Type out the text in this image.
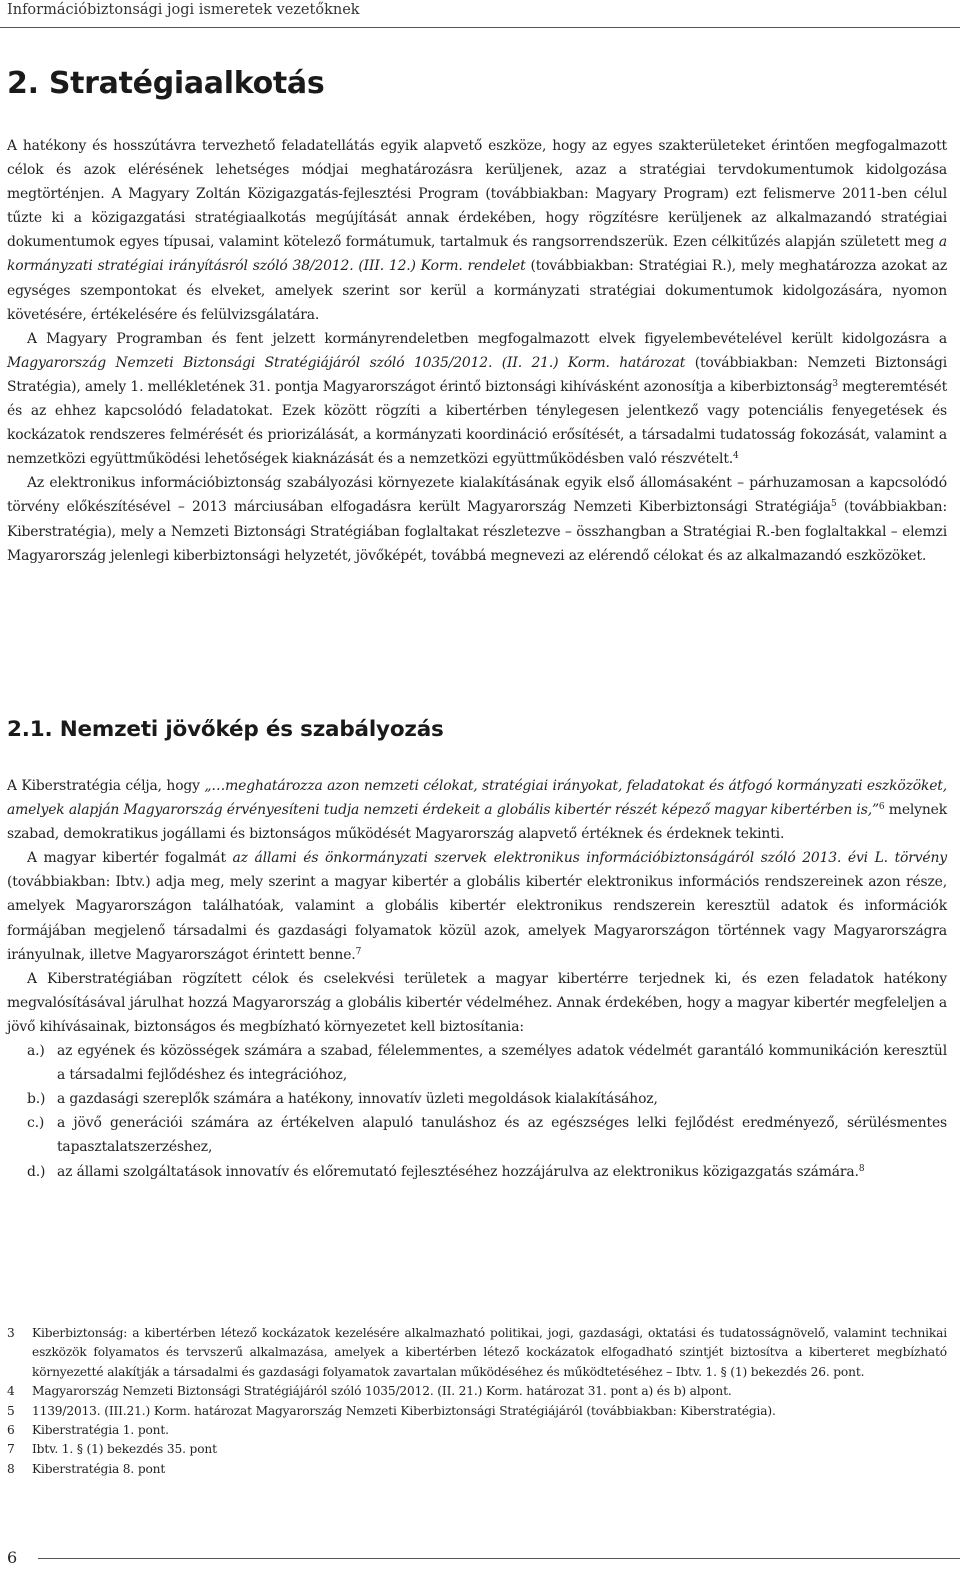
Információbiztonsági jogi ismeretek vezetőknek
2. Stratégiaalkotás

A hatékony és hosszútávra tervezhető feladatellátás egyik alapvető eszköze, hogy az egyes szakterületeket érintően megfogalmazott célok és azok elérésének lehetséges módjai meghatározásra kerüljenek, azaz a stratégiai tervdokumentumok kidolgozása megtörténjen. A Magyary Zoltán Közigazgatás-fejlesztési Program (továbbiakban: Magyary Program) ezt felismerve 2011-ben célul tűzte ki a közigazgatási stratégiaalkotás megújítását annak érdekében, hogy rögzítésre kerüljenek az alkalmazandó stratégiai dokumentumok egyes típusai, valamint kötelező formátumuk, tartalmuk és rangsorrendszerük. Ezen célkitűzés alapján született meg a kormányzati stratégiai irányításról szóló 38/2012. (III. 12.) Korm. rendelet (továbbiakban: Stratégiai R.), mely meghatározza azokat az egységes szempontokat és elveket, amelyek szerint sor kerül a kormányzati stratégiai dokumentumok kidolgozására, nyomon követésére, értékelésére és felülvizsgálatára.

A Magyary Programban és fent jelzett kormányrendeletben megfogalmazott elvek figyelembevételével került kidolgozásra a Magyarország Nemzeti Biztonsági Stratégiájáról szóló 1035/2012. (II. 21.) Korm. határozat (továbbiakban: Nemzeti Biztonsági Stratégia), amely 1. mellékletének 31. pontja Magyarországot érintő biztonsági kihívásként azonosítja a kiberbiztonság$^3$ megteremtését és az ehhez kapcsolódó feladatokat. Ezek között rögzíti a kibertérben ténylegesen jelentkező vagy potenciális fenyegetések és kockázatok rendszeres felmérését és priorizálását, a kormányzati koordináció erősítését, a társadalmi tudatosság fokozását, valamint a nemzetközi együttműködési lehetőségek kiaknázását és a nemzetközi együttműködésben való részvételt.$^4$

Az elektronikus információbiztonság szabályozási környezete kialakításának egyik első állomásaként – párhuzamosan a kapcsolódó törvény előkészítésével – 2013 márciusában elfogadásra került Magyarország Nemzeti Kiberbiztonsági Stratégiája$^5$ (továbbiakban: Kiberstratégia), mely a Nemzeti Biztonsági Stratégiában foglaltakat részletezve – összhangban a Stratégiai R.-ben foglaltakkal – elemzi Magyarország jelenlegi kiberbiztonsági helyzetét, jövőképét, továbbá megnevezi az elérendő célokat és az alkalmazandó eszközöket.

2.1. Nemzeti jövőkép és szabályozás

A Kiberstratégia célja, hogy „…meghatározza azon nemzeti célokat, stratégiai irányokat, feladatokat és átfogó kormányzati eszközöket, amelyek alapján Magyarország érvényesíteni tudja nemzeti érdekeit a globális kibertér részét képező magyar kibertérben is,”$^6$ melynek szabad, demokratikus jogállami és biztonságos működését Magyarország alapvető értéknek és érdeknek tekinti.

A magyar kibertér fogalmát az állami és önkormányzati szervek elektronikus információbiztonságáról szóló 2013. évi L. törvény (továbbiakban: Ibtv.) adja meg, mely szerint a magyar kibertér a globális kibertér elektronikus információs rendszereinek azon része, amelyek Magyarországon találhatóak, valamint a globális kibertér elektronikus rendszerein keresztül adatok és információk formájában megjelenő társadalmi és gazdasági folyamatok közül azok, amelyek Magyarországon történnek vagy Magyarországra irányulnak, illetve Magyarországot érintett benne.$^7$

A Kiberstratégiában rögzített célok és cselekvési területek a magyar kibertérre terjednek ki, és ezen feladatok hatékony megvalósításával járulhat hozzá Magyarország a globális kibertér védelméhez. Annak érdekében, hogy a magyar kibertér megfeleljen a jövő kihívásainak, biztonságos és megbízható környezetet kell biztosítania:

a.) az egyének és közösségek számára a szabad, félelemmentes, a személyes adatok védelmét garantáló kommunikáción keresztül a társadalmi fejlődéshez és integrációhoz,
b.) a gazdasági szereplők számára a hatékony, innovatív üzleti megoldások kialakításához,
c.) a jövő generációi számára az értékelven alapuló tanuláshoz és az egészséges lelki fejlődést eredményező, sérülésmentes tapasztalatszerzéshez,
d.) az állami szolgáltatások innovatív és előremutató fejlesztéséhez hozzájárulva az elektronikus közigazgatás számára.$^8$
3 Kiberbiztonság: a kibertérben létező kockázatok kezelésére alkalmazható politikai, jogi, gazdasági, oktatási és tudatosságnövelő, valamint technikai eszközök folyamatos és tervszerű alkalmazása, amelyek a kibertérben létező kockázatok elfogadható szintjét biztosítva a kiberteret megbízható környezetté alakítják a társadalmi és gazdasági folyamatok zavartalan működéséhez és működtetéséhez – Ibtv. 1. § (1) bekezdés 26. pont.
4 Magyarország Nemzeti Biztonsági Stratégiájáról szóló 1035/2012. (II. 21.) Korm. határozat 31. pont a) és b) alpont.
5 1139/2013. (III.21.) Korm. határozat Magyarország Nemzeti Kiberbiztonsági Stratégiájáról (továbbiakban: Kiberstratégia).
6 Kiberstratégia 1. pont.
7 Ibtv. 1. § (1) bekezdés 35. pont
8 Kiberstratégia 8. pont
6
